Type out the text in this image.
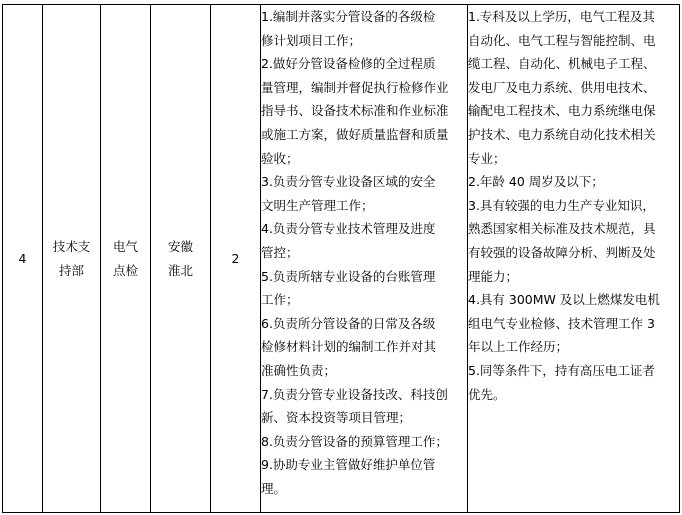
4	技术支持部	电气点检	安徽淮北	2	
1.编制并落实分管设备的各级检
修计划项目工作；
2.做好分管设备检修的全过程质
量管理，编制并督促执行检修作业
指导书、设备技术标准和作业标准
或施工方案，做好质量监督和质量
验收；
3.负责分管专业设备区域的安全
文明生产管理工作；
4.负责分管专业技术管理及进度
管控；
5.负责所辖专业设备的台账管理
工作；
6.负责所分管设备的日常及各级
检修材料计划的编制工作并对其
准确性负责；
7.负责分管专业设备技改、科技创
新、资本投资等项目管理；
8.负责分管设备的预算管理工作；
9.协助专业主管做好维护单位管
理。

1.专科及以上学历，电气工程及其
自动化、电气工程与智能控制、电
缆工程、自动化、机械电子工程、
发电厂及电力系统、供用电技术、
输配电工程技术、电力系统继电保
护技术、电力系统自动化技术相关
专业；
2.年龄 40 周岁及以下；
3.具有较强的电力生产专业知识，
熟悉国家相关标准及技术规范，具
有较强的设备故障分析、判断及处
理能力；
4.具有 300MW 及以上燃煤发电机
组电气专业检修、技术管理工作 3
年以上工作经历；
5.同等条件下，持有高压电工证者
优先。
